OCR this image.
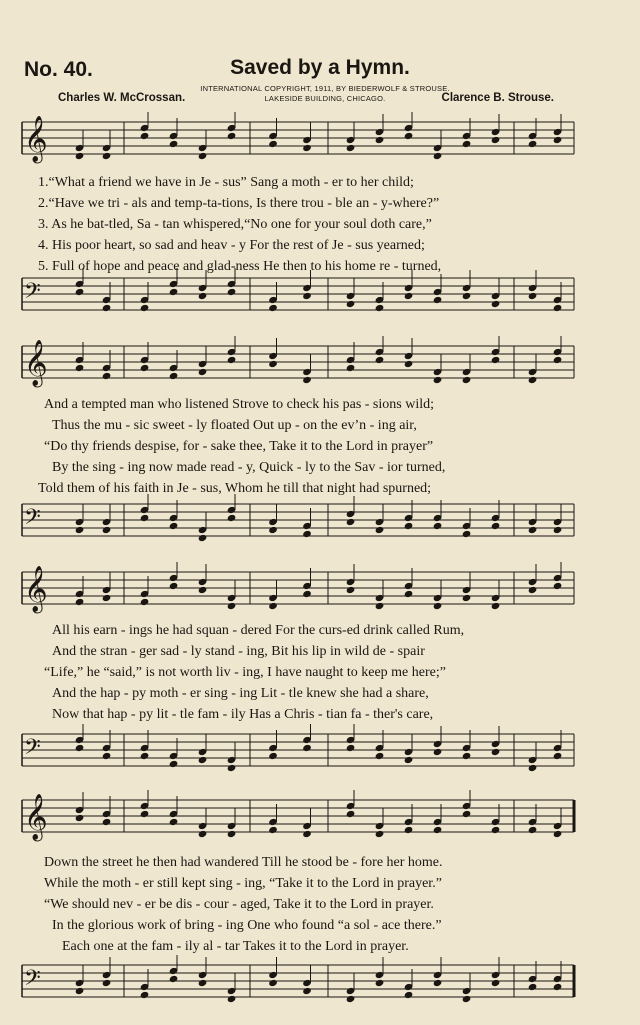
No. 40.	Saved by a Hymn.
Charles W. McCrossan.
INTERNATIONAL COPYRIGHT, 1911, BY BIEDERWOLF & STROUSE.
LAKESIDE BUILDING, CHICAGO.	Clarence B. Strouse.
𝄞
1.“What a friend we have in Je - sus” Sang a moth - er to her child;
2.“Have we tri - als and temp-ta-tions, Is there trou - ble an - y-where?”
3. As he bat-tled, Sa - tan whispered,“No one for your soul doth care,”
4. His poor heart, so sad and heav - y For the rest of Je - sus yearned;
5. Full of hope and peace and glad-ness He then to his home re - turned,
𝄢
𝄞
And a tempted man who listened Strove to check his pas - sions wild;
Thus the mu - sic sweet - ly floated Out up - on the ev’n - ing air,
“Do thy friends despise, for - sake thee, Take it to the Lord in prayer”
By the sing - ing now made read - y, Quick - ly to the Sav - ior turned,
Told them of his faith in Je - sus, Whom he till that night had spurned;
𝄢
𝄞
All his earn - ings he had squan - dered For the curs-ed drink called Rum,
And the stran - ger sad - ly stand - ing, Bit his lip in wild de - spair
“Life,” he “said,” is not worth liv - ing, I have naught to keep me here;”
And the hap - py moth - er sing - ing Lit - tle knew she had a share,
Now that hap - py lit - tle fam - ily Has a Chris - tian fa - ther's care,
𝄢
𝄞
Down the street he then had wandered Till he stood be - fore her home.
While the moth - er still kept sing - ing, “Take it to the Lord in prayer.”
“We should nev - er be dis - cour - aged, Take it to the Lord in prayer.
In the glorious work of bring - ing One who found “a sol - ace there.”
Each one at the fam - ily al - tar Takes it to the Lord in prayer.
𝄢
